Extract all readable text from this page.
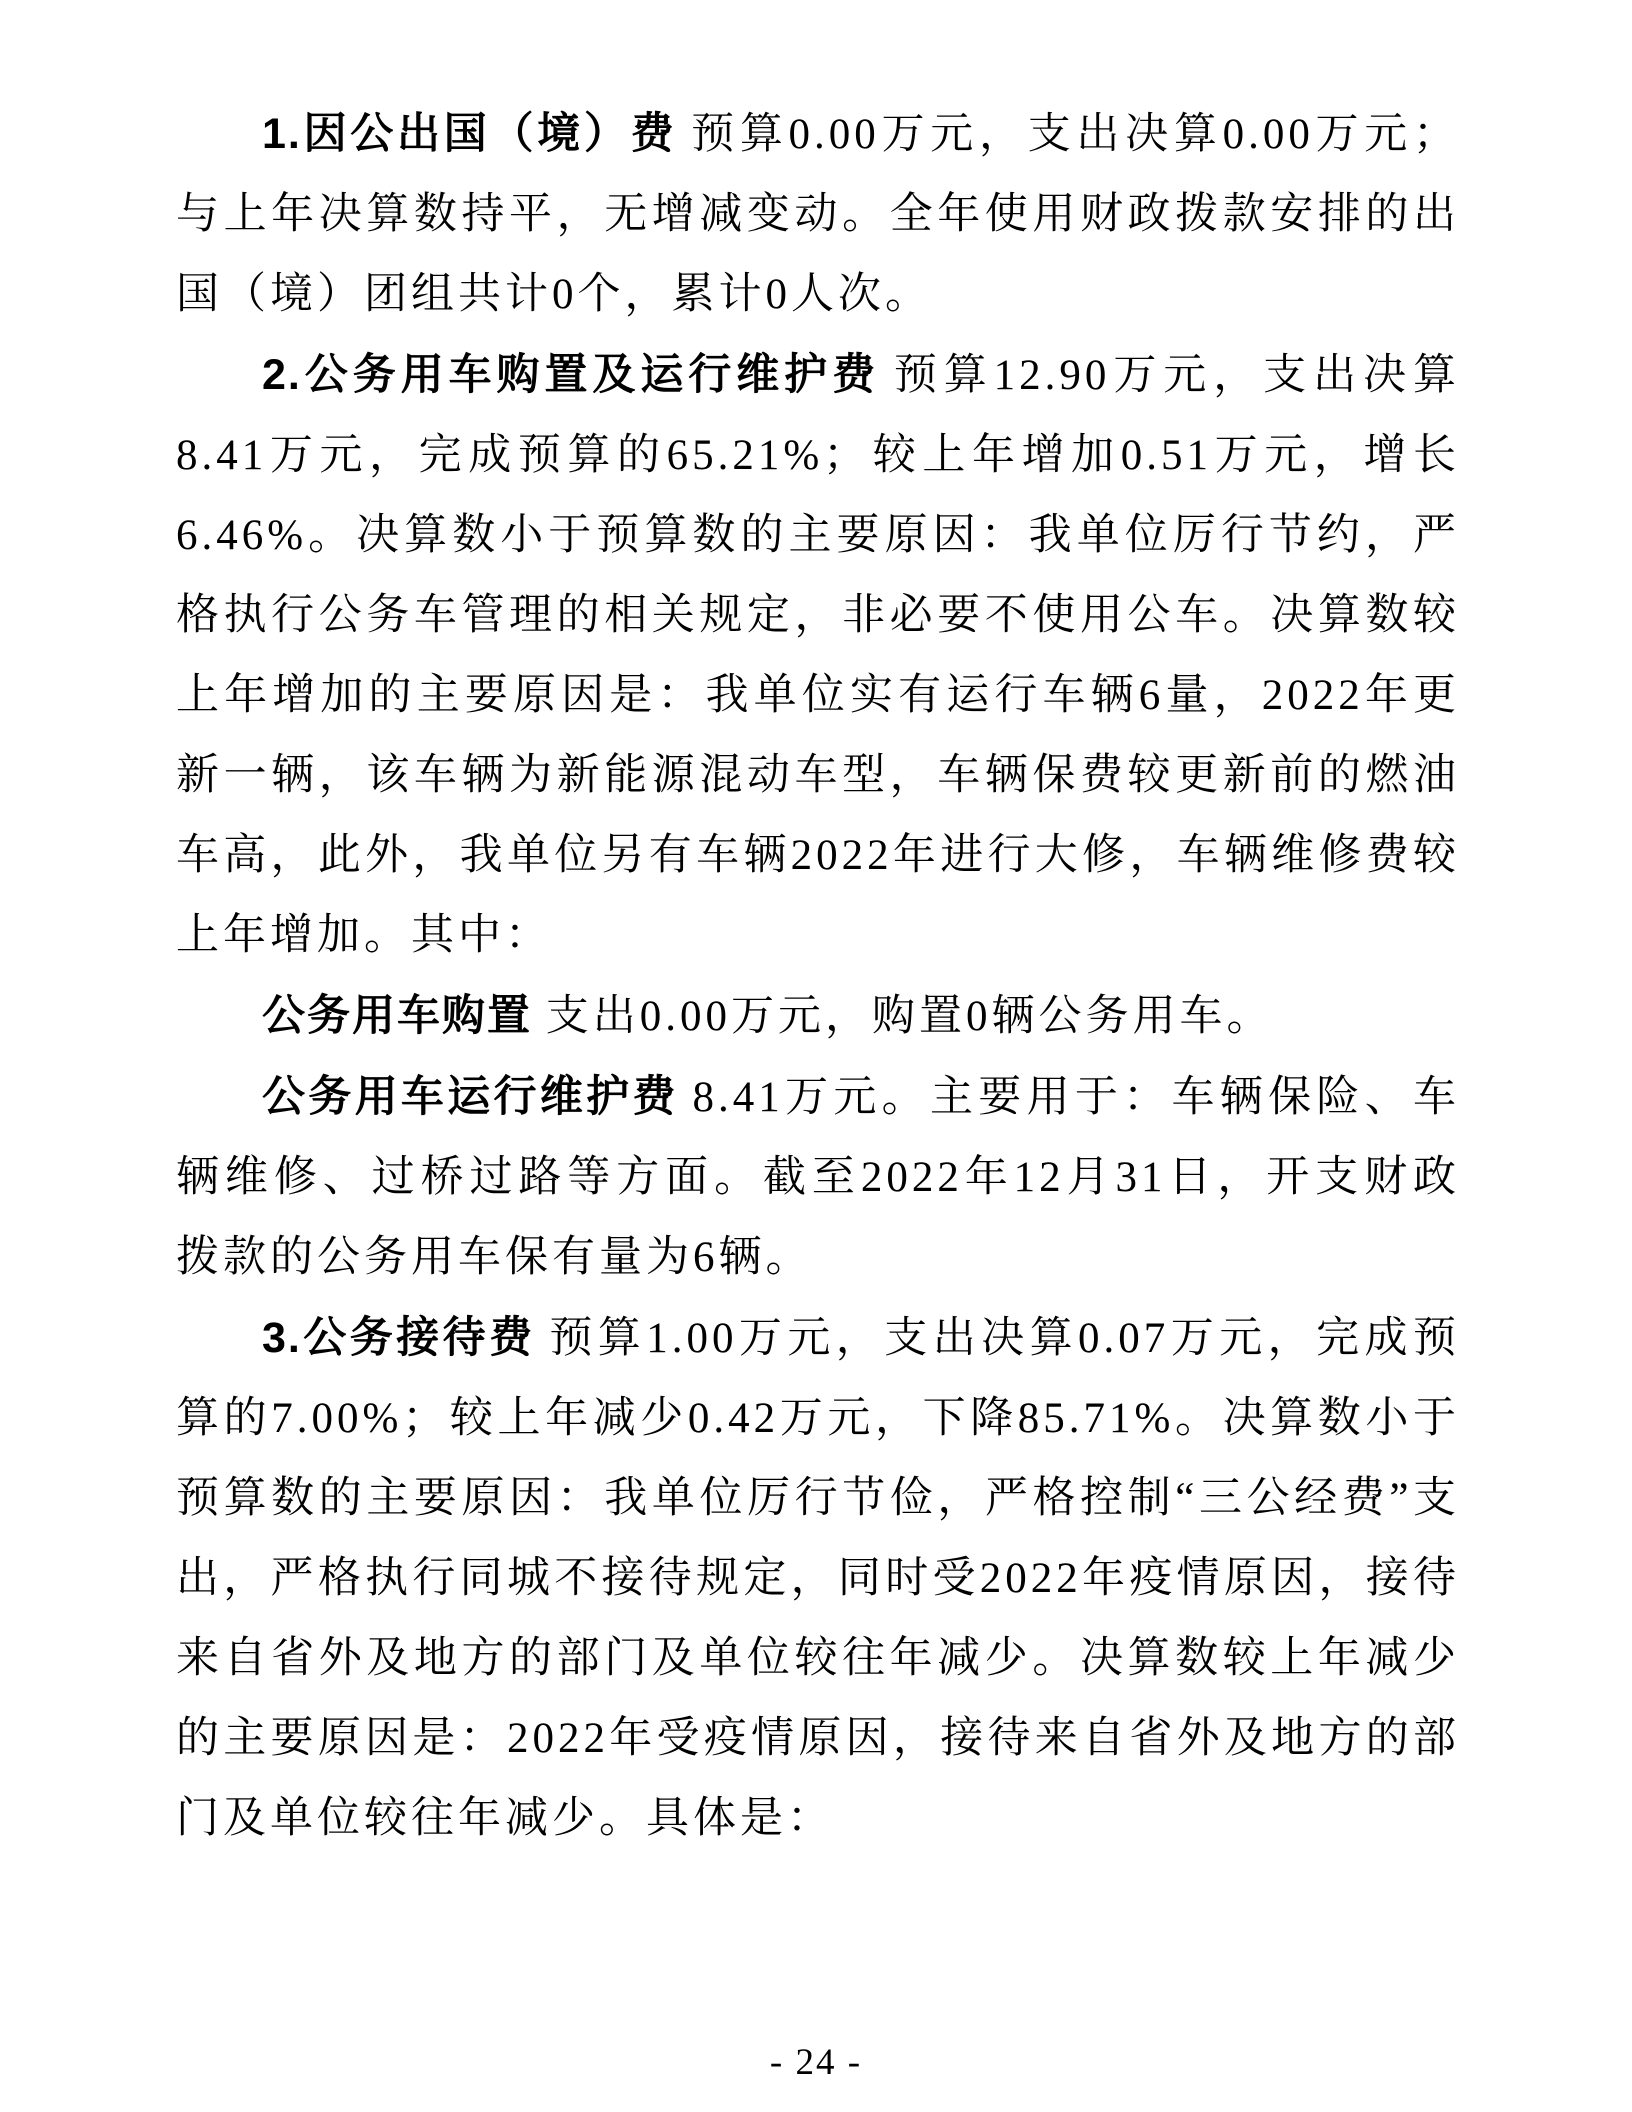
1.因公出国（境）费 预算0.00万元，支出决算0.00万元；与上年决算数持平，无增减变动。全年使用财政拨款安排的出国（境）团组共计0个，累计0人次。

2.公务用车购置及运行维护费 预算12.90万元，支出决算8.41万元，完成预算的65.21%；较上年增加0.51万元，增长6.46%。决算数小于预算数的主要原因：我单位厉行节约，严格执行公务车管理的相关规定，非必要不使用公车。决算数较上年增加的主要原因是：我单位实有运行车辆6量，2022年更新一辆，该车辆为新能源混动车型，车辆保费较更新前的燃油车高，此外，我单位另有车辆2022年进行大修，车辆维修费较上年增加。其中：

公务用车购置 支出0.00万元，购置0辆公务用车。

公务用车运行维护费 8.41万元。主要用于：车辆保险、车辆维修、过桥过路等方面。截至2022年12月31日，开支财政拨款的公务用车保有量为6辆。

3.公务接待费 预算1.00万元，支出决算0.07万元，完成预算的7.00%；较上年减少0.42万元，下降85.71%。决算数小于预算数的主要原因：我单位厉行节俭，严格控制“三公经费”支出，严格执行同城不接待规定，同时受2022年疫情原因，接待来自省外及地方的部门及单位较往年减少。决算数较上年减少的主要原因是：2022年受疫情原因，接待来自省外及地方的部门及单位较往年减少。具体是：

- 24 -
